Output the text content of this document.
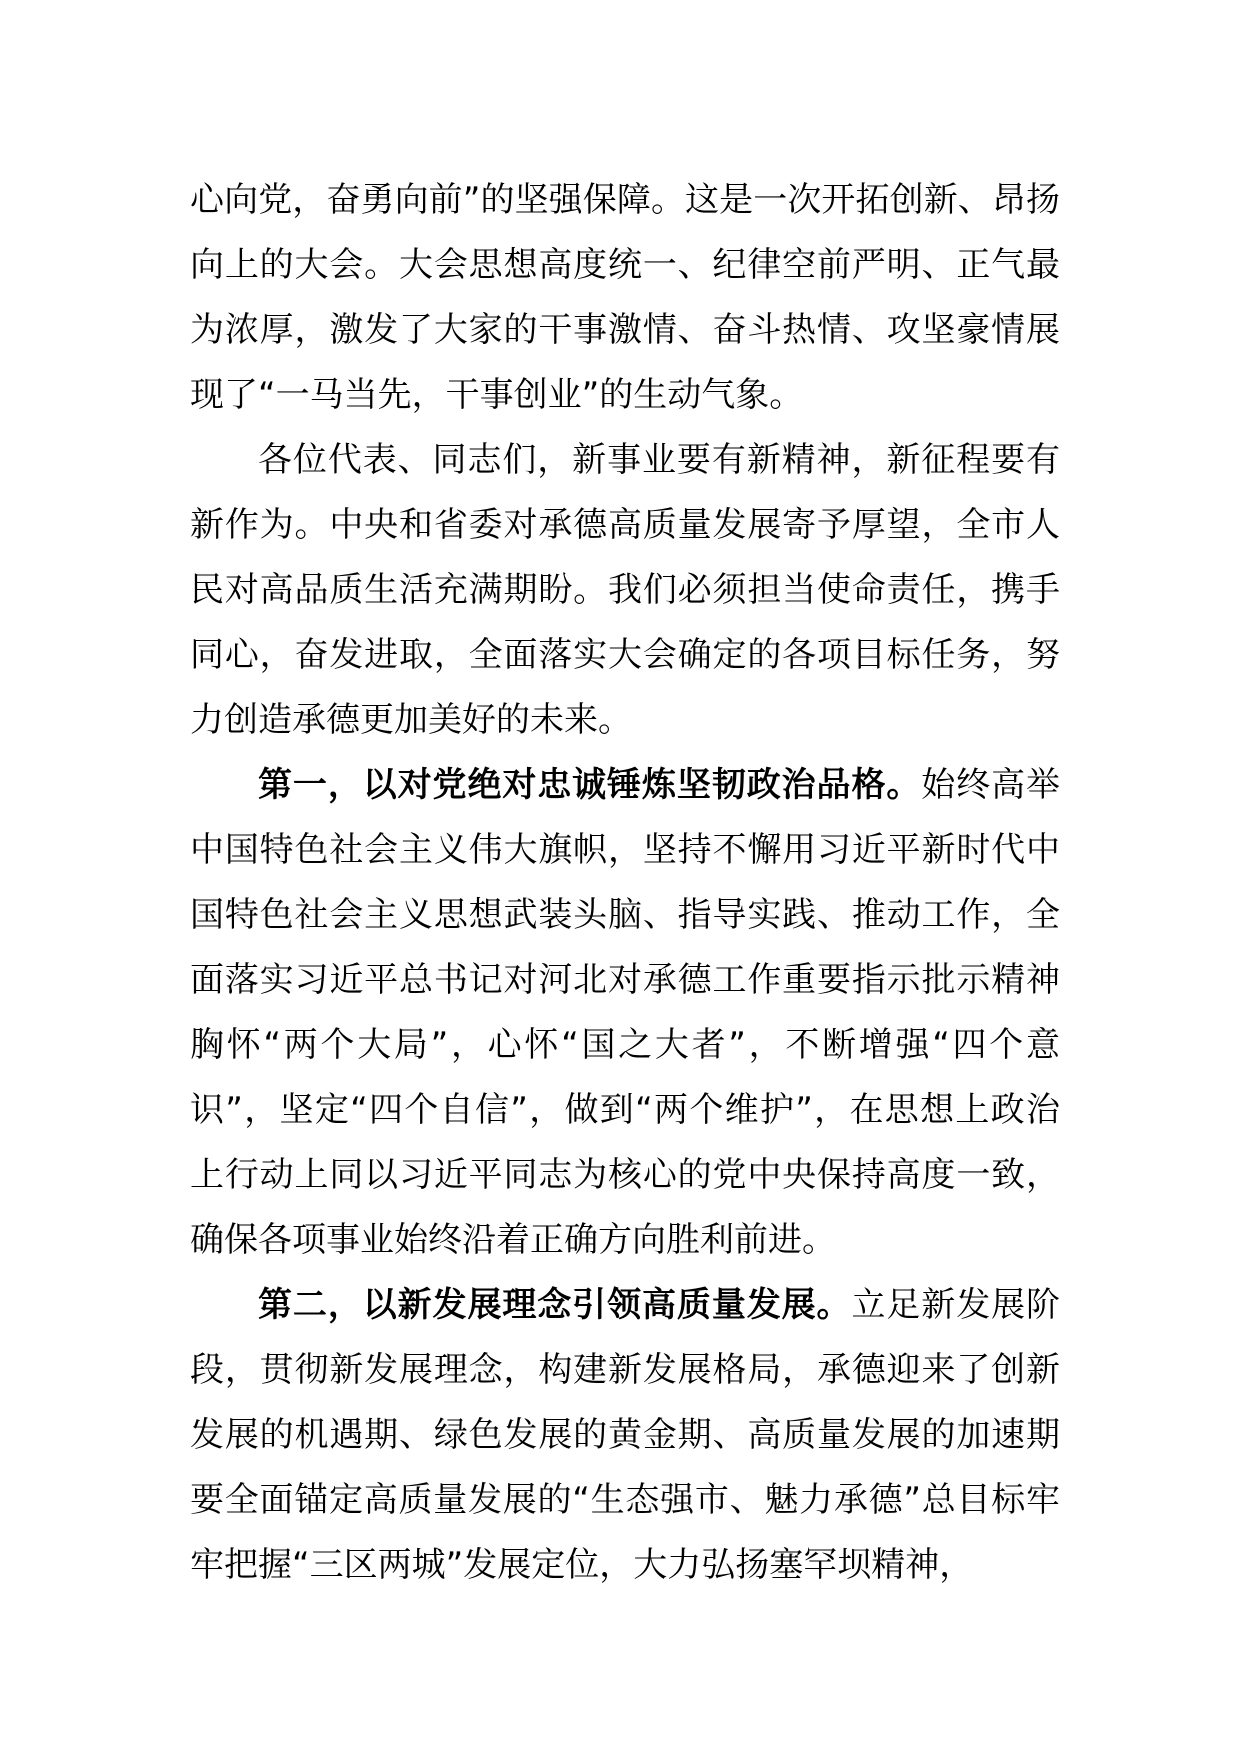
心向党，奋勇向前”的坚强保障。这是一次开拓创新、昂扬向上的大会。大会思想高度统一、纪律空前严明、正气最为浓厚，激发了大家的干事激情、奋斗热情、攻坚豪情展现了“一马当先，干事创业”的生动气象。

各位代表、同志们，新事业要有新精神，新征程要有新作为。中央和省委对承德高质量发展寄予厚望，全市人民对高品质生活充满期盼。我们必须担当使命责任，携手同心，奋发进取，全面落实大会确定的各项目标任务，努力创造承德更加美好的未来。

第一，以对党绝对忠诚锤炼坚韧政治品格。始终高举中国特色社会主义伟大旗帜，坚持不懈用习近平新时代中国特色社会主义思想武装头脑、指导实践、推动工作，全面落实习近平总书记对河北对承德工作重要指示批示精神胸怀“两个大局”，心怀“国之大者”，不断增强“四个意识”，坚定“四个自信”，做到“两个维护”，在思想上政治上行动上同以习近平同志为核心的党中央保持高度一致，确保各项事业始终沿着正确方向胜利前进。

第二，以新发展理念引领高质量发展。立足新发展阶段，贯彻新发展理念，构建新发展格局，承德迎来了创新发展的机遇期、绿色发展的黄金期、高质量发展的加速期要全面锚定高质量发展的“生态强市、魅力承德”总目标牢牢把握“三区两城”发展定位，大力弘扬塞罕坝精神，
